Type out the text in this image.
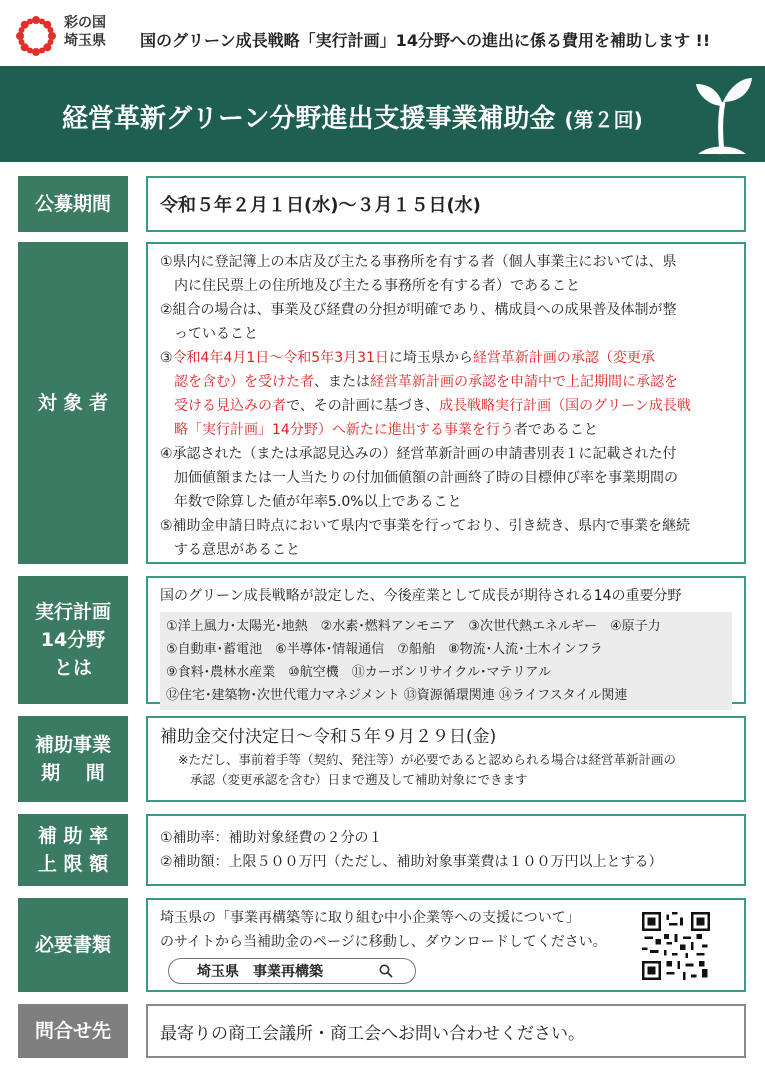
彩の国
埼玉県 国のグリーン成長戦略「実行計画」14分野への進出に係る費用を補助します !!
経営革新グリーン分野進出支援事業補助金 (第２回)
公募期間	令和５年２月１日(水)～３月１５日(水)
対 象 者
①県内に登記簿上の本店及び主たる事務所を有する者（個人事業主においては、県
内に住民票上の住所地及び主たる事務所を有する者）であること
②組合の場合は、事業及び経費の分担が明確であり、構成員への成果普及体制が整
っていること
③令和4年4月1日～令和5年3月31日に埼玉県から経営革新計画の承認（変更承
認を含む）を受けた者、または経営革新計画の承認を申請中で上記期間に承認を
受ける見込みの者で、その計画に基づき、成長戦略実行計画（国のグリーン成長戦
略「実行計画」14分野）へ新たに進出する事業を行う者であること
④承認された（または承認見込みの）経営革新計画の申請書別表１に記載された付
加価値額または一人当たりの付加価値額の計画終了時の目標伸び率を事業期間の
年数で除算した値が年率5.0%以上であること
⑤補助金申請日時点において県内で事業を行っており、引き続き、県内で事業を継続
する意思があること
実行計画
14分野
とは
国のグリーン成長戦略が設定した、今後産業として成長が期待される14の重要分野
①洋上風力･太陽光･地熱　②水素･燃料アンモニア　③次世代熱エネルギー　④原子力
⑤自動車･蓄電池　⑥半導体･情報通信　⑦船舶　⑧物流･人流･土木インフラ
⑨食料･農林水産業　⑩航空機　⑪カーボンリサイクル･マテリアル
⑫住宅･建築物･次世代電力マネジメント ⑬資源循環関連 ⑭ライフスタイル関連
補助事業
期　 間
補助金交付決定日～令和５年９月２９日(金)
※ただし、事前着手等（契約、発注等）が必要であると認められる場合は経営革新計画の
承認（変更承認を含む）日まで遡及して補助対象にできます
補 助 率
上 限 額
①補助率：補助対象経費の２分の１
②補助額：上限５００万円（ただし、補助対象事業費は１００万円以上とする）
必要書類
埼玉県の「事業再構築等に取り組む中小企業等への支援について」
のサイトから当補助金のページに移動し、ダウンロードしてください。
埼玉県　事業再構築
問合せ先	最寄りの商工会議所・商工会へお問い合わせください。
